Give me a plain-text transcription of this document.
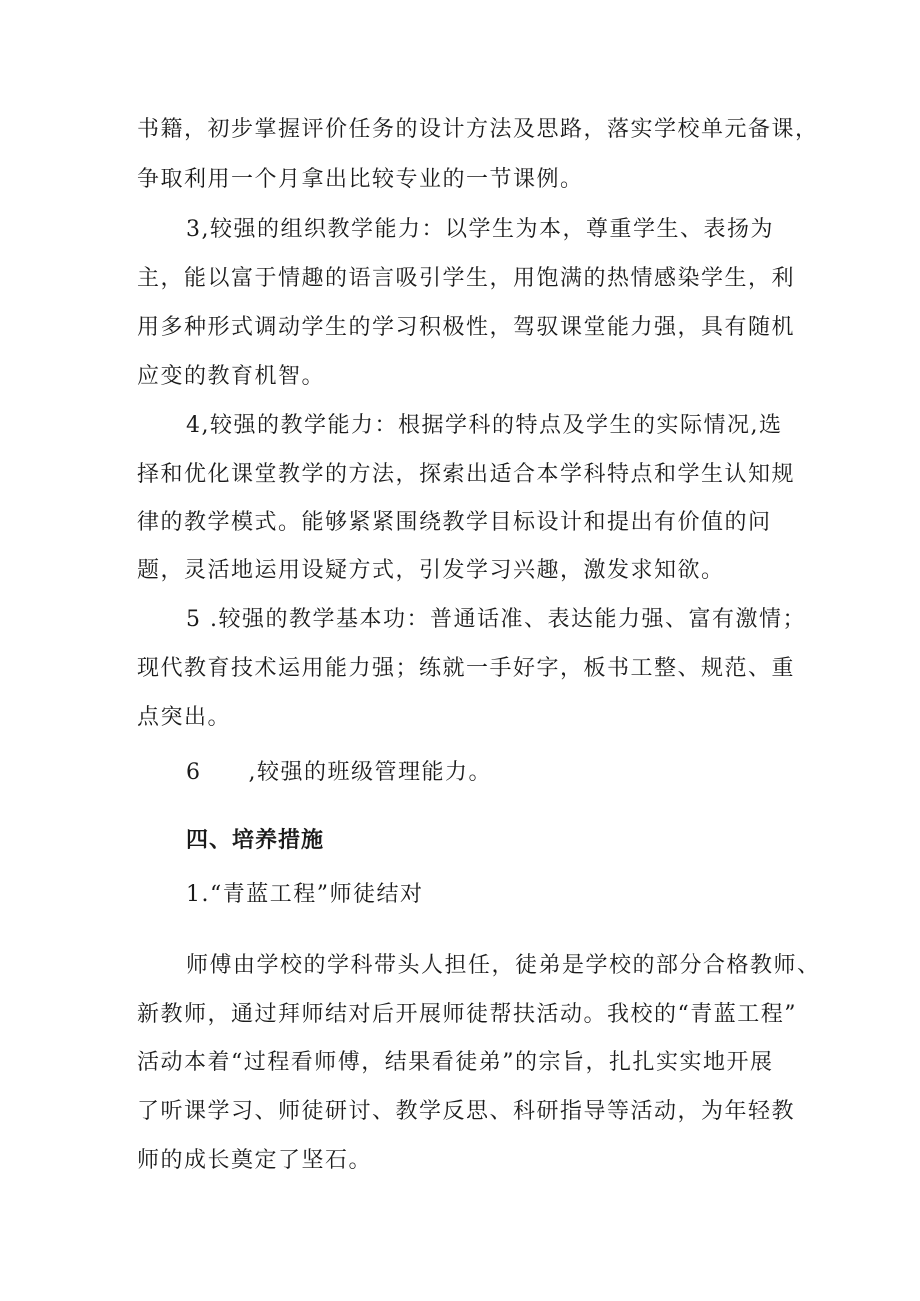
书籍，初步掌握评价任务的设计方法及思路，落实学校单元备课，
争取利用一个月拿出比较专业的一节课例。
3,较强的组织教学能力：以学生为本，尊重学生、表扬为
主，能以富于情趣的语言吸引学生，用饱满的热情感染学生，利
用多种形式调动学生的学习积极性，驾驭课堂能力强，具有随机
应变的教育机智。
4,较强的教学能力：根据学科的特点及学生的实际情况,选
择和优化课堂教学的方法，探索出适合本学科特点和学生认知规
律的教学模式。能够紧紧围绕教学目标设计和提出有价值的问
题，灵活地运用设疑方式，引发学习兴趣，激发求知欲。
5 .较强的教学基本功：普通话准、表达能力强、富有激情；
现代教育技术运用能力强；练就一手好字，板书工整、规范、重
点突出。
6　　,较强的班级管理能力。
四、培养措施
1.“青蓝工程”师徒结对
师傅由学校的学科带头人担任，徒弟是学校的部分合格教师、
新教师，通过拜师结对后开展师徒帮扶活动。我校的“青蓝工程”
活动本着“过程看师傅，结果看徒弟”的宗旨，扎扎实实地开展
了听课学习、师徒研讨、教学反思、科研指导等活动，为年轻教
师的成长奠定了坚石。
